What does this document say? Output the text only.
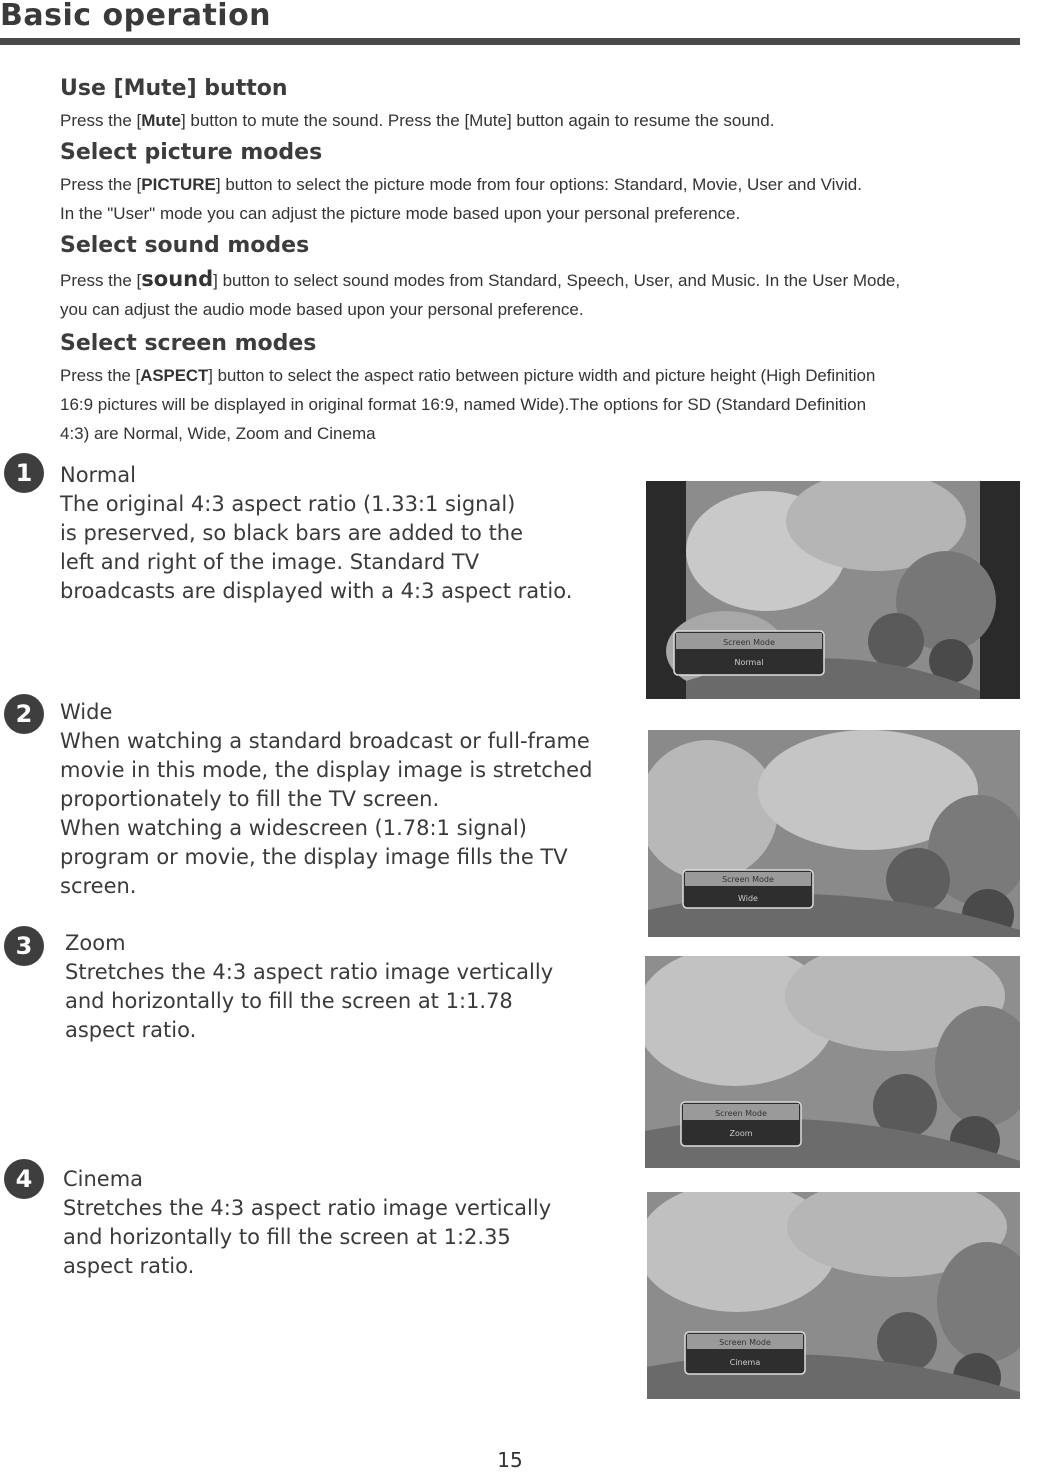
Basic operation
Use [Mute] button

Press the [Mute] button to mute the sound. Press the [Mute] button again to resume the sound.

Select picture modes

Press the [PICTURE] button to select the picture mode from four options: Standard, Movie, User and Vivid.

In the "User" mode you can adjust the picture mode based upon your personal preference.

Select sound modes

Press the [sound] button to select sound modes from Standard, Speech, User, and Music. In the User Mode,

you can adjust the audio mode based upon your personal preference.

Select screen modes

Press the [ASPECT] button to select the aspect ratio between picture width and picture height (High Definition

16:9 pictures will be displayed in original format 16:9, named Wide).The options for SD (Standard Definition

4:3) are Normal, Wide, Zoom and Cinema

1	Normal
The original 4:3 aspect ratio (1.33:1 signal)
is preserved, so black bars are added to the
left and right of the image. Standard TV
broadcasts are displayed with a 4:3 aspect ratio.
2	Wide
When watching a standard broadcast or full-frame
movie in this mode, the display image is stretched
proportionately to fill the TV screen.
When watching a widescreen (1.78:1 signal)
program or movie, the display image fills the TV
screen.
3	Zoom
Stretches the 4:3 aspect ratio image vertically
and horizontally to fill the screen at 1:1.78
aspect ratio.
4	Cinema
Stretches the 4:3 aspect ratio image vertically
and horizontally to fill the screen at 1:2.35
aspect ratio.
Screen Mode
Normal
Screen Mode
Wide
Screen Mode
Zoom
Screen Mode
Cinema
15
